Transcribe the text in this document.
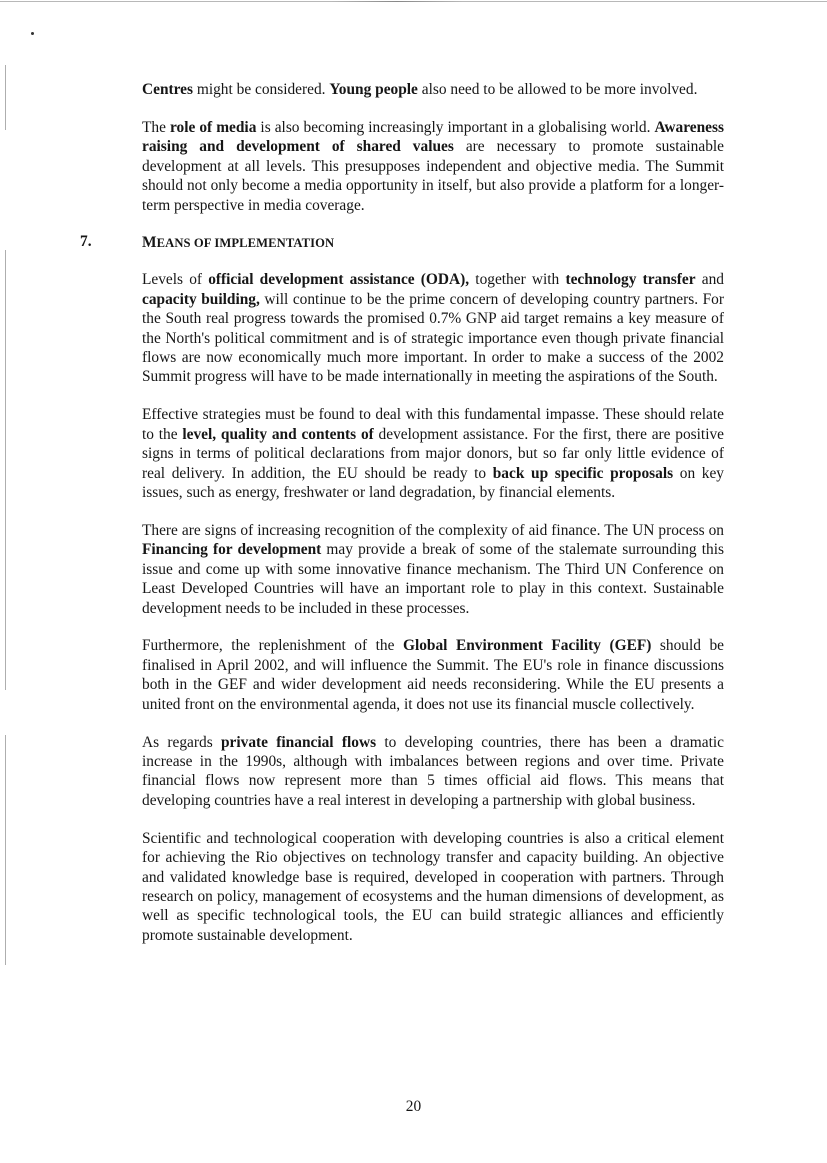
Centres might be considered. Young people also need to be allowed to be more involved.

The role of media is also becoming increasingly important in a globalising world. Awareness raising and development of shared values are necessary to promote sustainable development at all levels. This presupposes independent and objective media. The Summit should not only become a media opportunity in itself, but also provide a platform for a longer-term perspective in media coverage.

7.	MEANS OF IMPLEMENTATION

Levels of official development assistance (ODA), together with technology transfer and capacity building, will continue to be the prime concern of developing country partners. For the South real progress towards the promised 0.7% GNP aid target remains a key measure of the North's political commitment and is of strategic importance even though private financial flows are now economically much more important. In order to make a success of the 2002 Summit progress will have to be made internationally in meeting the aspirations of the South.

Effective strategies must be found to deal with this fundamental impasse. These should relate to the level, quality and contents of development assistance. For the first, there are positive signs in terms of political declarations from major donors, but so far only little evidence of real delivery. In addition, the EU should be ready to back up specific proposals on key issues, such as energy, freshwater or land degradation, by financial elements.

There are signs of increasing recognition of the complexity of aid finance. The UN process on Financing for development may provide a break of some of the stalemate surrounding this issue and come up with some innovative finance mechanism. The Third UN Conference on Least Developed Countries will have an important role to play in this context. Sustainable development needs to be included in these processes.

Furthermore, the replenishment of the Global Environment Facility (GEF) should be finalised in April 2002, and will influence the Summit. The EU's role in finance discussions both in the GEF and wider development aid needs reconsidering. While the EU presents a united front on the environmental agenda, it does not use its financial muscle collectively.

As regards private financial flows to developing countries, there has been a dramatic increase in the 1990s, although with imbalances between regions and over time. Private financial flows now represent more than 5 times official aid flows. This means that developing countries have a real interest in developing a partnership with global business.

Scientific and technological cooperation with developing countries is also a critical element for achieving the Rio objectives on technology transfer and capacity building. An objective and validated knowledge base is required, developed in cooperation with partners. Through research on policy, management of ecosystems and the human dimensions of development, as well as specific technological tools, the EU can build strategic alliances and efficiently promote sustainable development.

20
